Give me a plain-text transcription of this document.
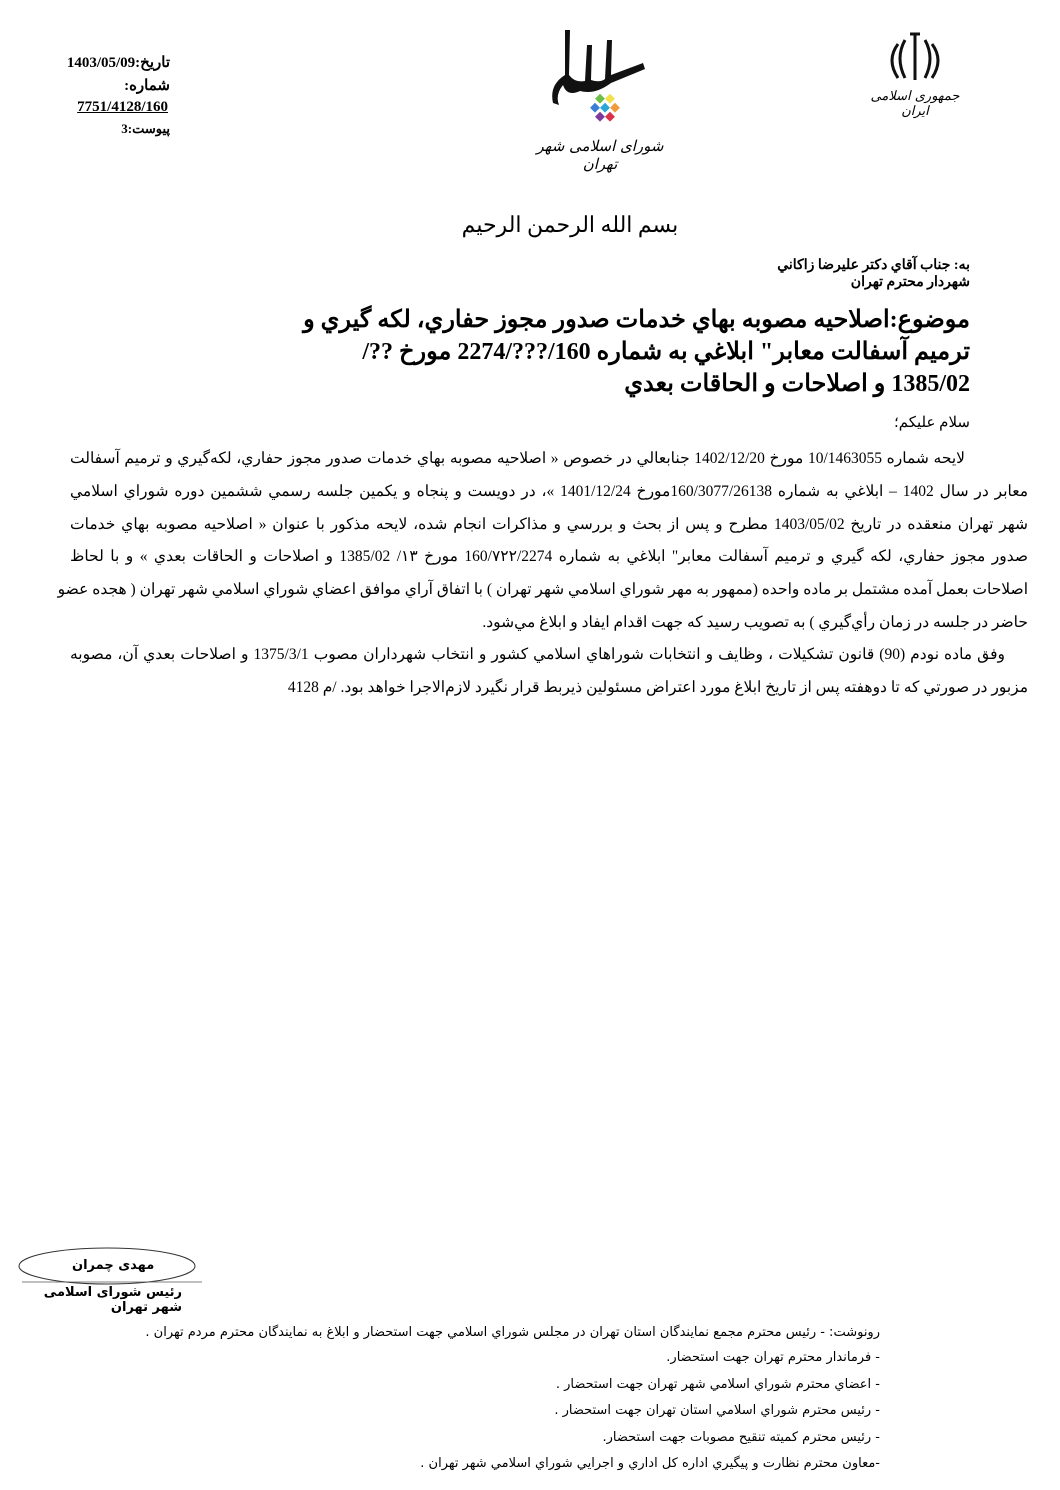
تاريخ:1403/05/09
شماره:
7751/4128/160
پيوست:3
شورای اسلامی شهر تهران
جمهوری اسلامی ایران
بسم الله الرحمن الرحيم
به: جناب آقاي دكتر عليرضا زاكاني
شهردار محترم تهران
موضوع:اصلاحيه مصوبه بهاي خدمات صدور مجوز حفاري، لكه گيري و
ترميم آسفالت معابر" ابلاغي به شماره 160/???/2274 مورخ ??/
1385/02 و اصلاحات و الحاقات بعدي
سلام عليكم؛
لايحه شماره 10/1463055 مورخ 1402/12/20 جنابعالي در خصوص « اصلاحيه مصوبه بهاي خدمات صدور مجوز حفاري، لكه‌گيري و ترميم آسفالت
معابر در سال 1402 – ابلاغي به شماره 160/3077/26138مورخ 1401/12/24 »، در دويست و پنجاه و يكمين جلسه رسمي ششمين دوره شوراي اسلامي
شهر تهران منعقده در تاريخ 1403/05/02 مطرح و پس از بحث و بررسي و مذاكرات انجام شده، لايحه مذكور با عنوان « اصلاحيه مصوبه بهاي خدمات
صدور مجوز حفاري، لكه گيري و ترميم آسفالت معابر" ابلاغي به شماره 160/۷۲۲/2274 مورخ ۱۳/ 1385/02 و اصلاحات و الحاقات بعدي » و با لحاظ
اصلاحات بعمل آمده مشتمل بر ماده واحده (ممهور به مهر شوراي اسلامي شهر تهران ) با اتفاق آراي موافق اعضاي شوراي اسلامي شهر تهران ( هجده عضو
حاضر در جلسه در زمان رأي‌گيري ) به تصويب رسيد كه جهت اقدام ايفاد و ابلاغ مي‌شود.
وفق ماده نودم (90) قانون تشكيلات ، وظايف و انتخابات شوراهاي اسلامي كشور و انتخاب شهرداران مصوب 1375/3/1 و اصلاحات بعدي آن، مصوبه
مزبور در صورتي كه تا دوهفته پس از تاريخ ابلاغ مورد اعتراض مسئولين ذيربط قرار نگيرد لازم‌الاجرا خواهد بود. /م 4128
مهدی چمران
رئیس شورای اسلامی شهر تهران
رونوشت: - رئيس محترم مجمع نمايندگان استان تهران در مجلس شوراي اسلامي جهت استحضار و ابلاغ به نمايندگان محترم مردم تهران .
- فرماندار محترم تهران جهت استحضار.
- اعضاي محترم شوراي اسلامي شهر تهران جهت استحضار .
- رئيس محترم شوراي اسلامي استان تهران جهت استحضار .
- رئيس محترم كميته تنقيح مصوبات جهت استحضار.
-معاون محترم نظارت و پيگيري اداره كل اداري و اجرايي شوراي اسلامي شهر تهران .
